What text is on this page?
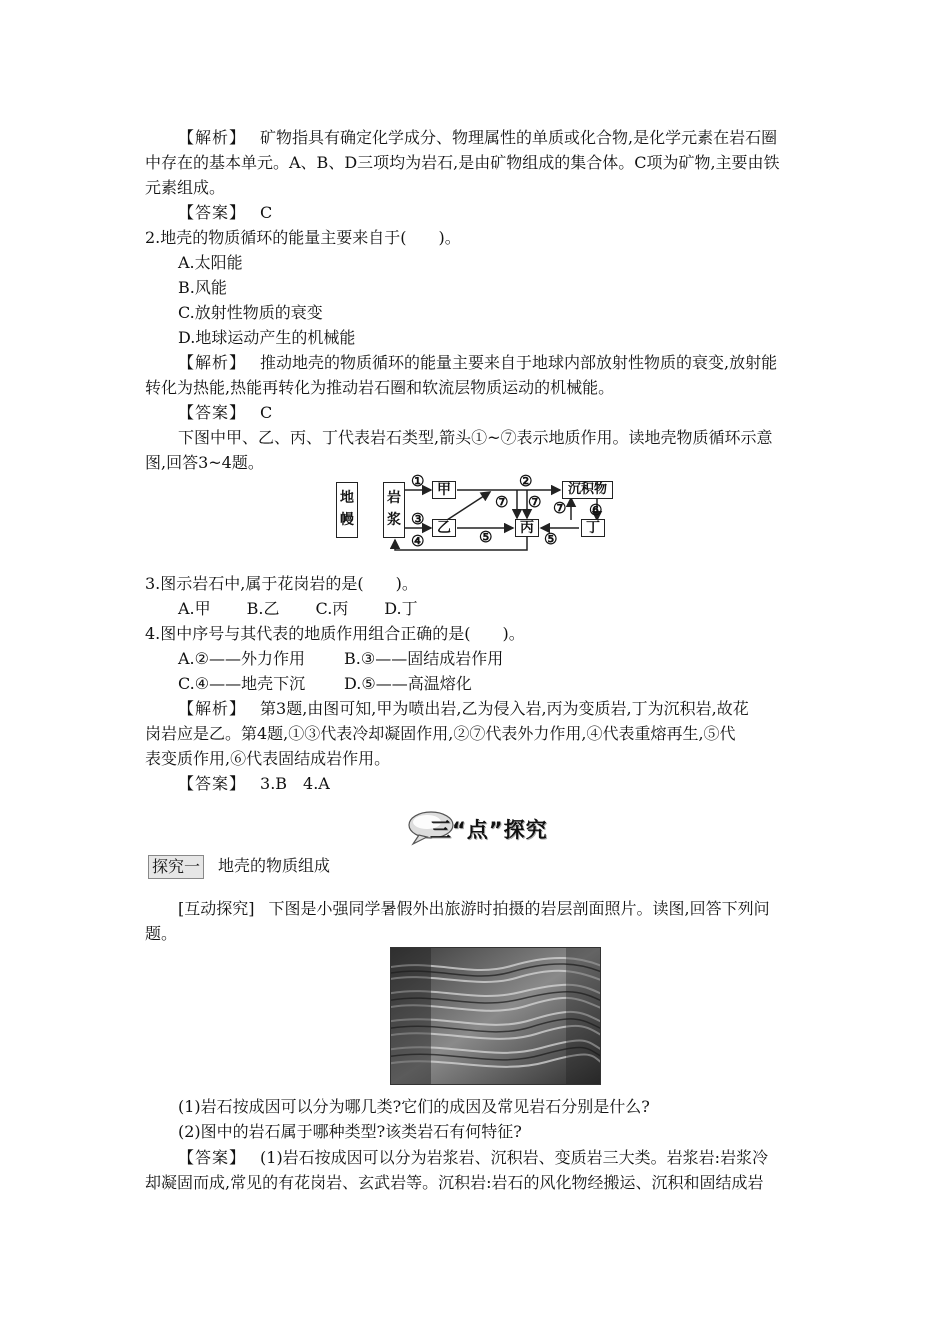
【解析】 矿物指具有确定化学成分、物理属性的单质或化合物,是化学元素在岩石圈
中存在的基本单元。A、B、D三项均为岩石,是由矿物组成的集合体。C项为矿物,主要由铁
元素组成。
【答案】 C
2.地壳的物质循环的能量主要来自于(　　)。
A.太阳能
B.风能
C.放射性物质的衰变
D.地球运动产生的机械能
【解析】 推动地壳的物质循环的能量主要来自于地球内部放射性物质的衰变,放射能
转化为热能,热能再转化为推动岩石圈和软流层物质运动的机械能。
【答案】 C
下图中甲、乙、丙、丁代表岩石类型,箭头①~⑦表示地质作用。读地壳物质循环示意
图,回答3~4题。
地幔
岩
浆
甲
乙	丙	丁
沉积物
①
③
④
②
⑦ ⑦ ⑦
⑤	⑤
⑥
3.图示岩石中,属于花岗岩的是(　　)。
A.甲 B.乙 C.丙 D.丁
4.图中序号与其代表的地质作用组合正确的是(　　)。
A.②——外力作用 B.③——固结成岩作用
C.④——地壳下沉 D.⑤——高温熔化
【解析】 第3题,由图可知,甲为喷出岩,乙为侵入岩,丙为变质岩,丁为沉积岩,故花
岗岩应是乙。第4题,①③代表冷却凝固作用,②⑦代表外力作用,④代表重熔再生,⑤代
表变质作用,⑥代表固结成岩作用。
【答案】 3.B　4.A
三“点”探究
探究一 地壳的物质组成
[互动探究] 下图是小强同学暑假外出旅游时拍摄的岩层剖面照片。读图,回答下列问
题。
(1)岩石按成因可以分为哪几类?它们的成因及常见岩石分别是什么?
(2)图中的岩石属于哪种类型?该类岩石有何特征?
【答案】 (1)岩石按成因可以分为岩浆岩、沉积岩、变质岩三大类。岩浆岩:岩浆冷
却凝固而成,常见的有花岗岩、玄武岩等。沉积岩:岩石的风化物经搬运、沉积和固结成岩
